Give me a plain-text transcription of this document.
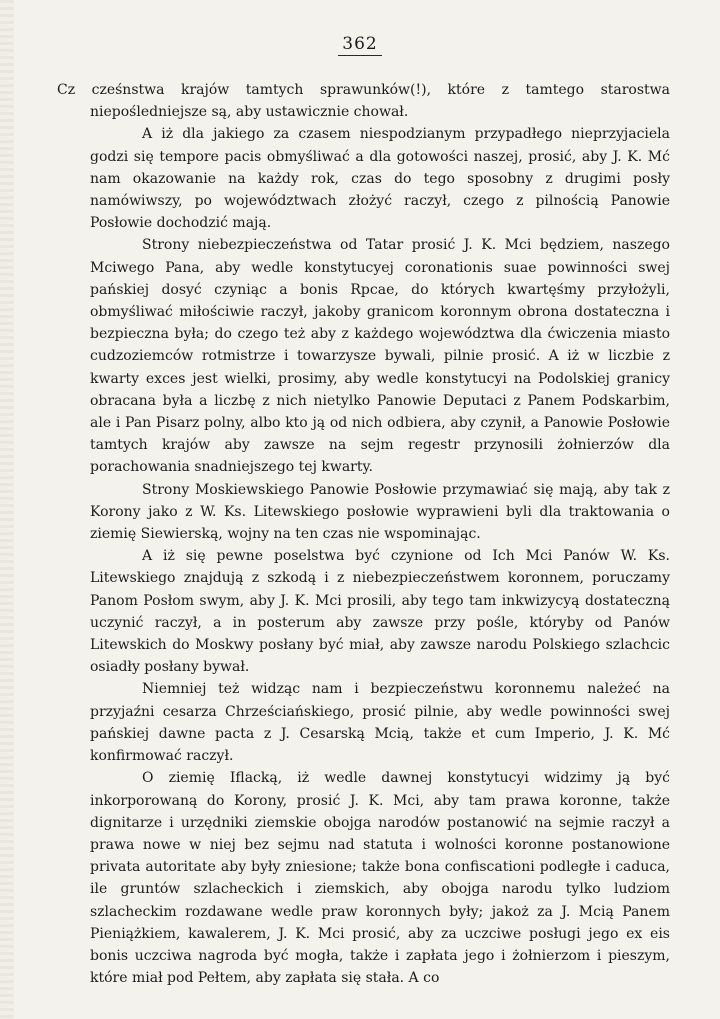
362

Cz cześnstwa krajów tamtych sprawunków(!), które z tamtego starostwa niepośledniejsze są, aby ustawicznie chował.

A iż dla jakiego za czasem niespodzianym przypadłego nieprzyjaciela godzi się tempore pacis obmyśliwać a dla gotowości naszej, prosić, aby J. K. Mć nam okazowanie na każdy rok, czas do tego sposobny z drugimi posły namówiwszy, po województwach złożyć raczył, czego z pilnością Panowie Posłowie dochodzić mają.

Strony niebezpieczeństwa od Tatar prosić J. K. Mci będziem, naszego Mciwego Pana, aby wedle konstytucyej coronationis suae powinności swej pańskiej dosyć czyniąc a bonis Rpcae, do których kwartęśmy przyłożyli, obmyśliwać miłościwie raczył, jakoby granicom koronnym obrona dostateczna i bezpieczna była; do czego też aby z każdego województwa dla ćwiczenia miasto cudzoziemców rotmistrze i towarzysze bywali, pilnie prosić. A iż w liczbie z kwarty exces jest wielki, prosimy, aby wedle konstytucyi na Podolskiej granicy obracana była a liczbę z nich nietylko Panowie Deputaci z Panem Podskarbim, ale i Pan Pisarz polny, albo kto ją od nich odbiera, aby czynił, a Panowie Posłowie tamtych krajów aby zawsze na sejm regestr przynosili żołnierzów dla porachowania snadniejszego tej kwarty.

Strony Moskiewskiego Panowie Posłowie przymawiać się mają, aby tak z Korony jako z W. Ks. Litewskiego posłowie wyprawieni byli dla traktowania o ziemię Siewierską, wojny na ten czas nie wspominając.

A iż się pewne poselstwa być czynione od Ich Mci Panów W. Ks. Litewskiego znajdują z szkodą i z niebezpieczeństwem koronnem, poruczamy Panom Posłom swym, aby J. K. Mci prosili, aby tego tam inkwizycyą dostateczną uczynić raczył, a in posterum aby zawsze przy pośle, któryby od Panów Litewskich do Moskwy posłany być miał, aby zawsze narodu Polskiego szlachcic osiadły posłany bywał.

Niemniej też widząc nam i bezpieczeństwu koronnemu należeć na przyjaźni cesarza Chrześciańskiego, prosić pilnie, aby wedle powinności swej pańskiej dawne pacta z J. Cesarską Mcią, także et cum Imperio, J. K. Mć konfirmować raczył.

O ziemię Iflacką, iż wedle dawnej konstytucyi widzimy ją być inkorporowaną do Korony, prosić J. K. Mci, aby tam prawa koronne, także dignitarze i urzędniki ziemskie obojga narodów postanowić na sejmie raczył a prawa nowe w niej bez sejmu nad statuta i wolności koronne postanowione privata autoritate aby były zniesione; także bona confiscationi podległe i caduca, ile gruntów szlacheckich i ziemskich, aby obojga narodu tylko ludziom szlacheckim rozdawane wedle praw koronnych były; jakoż za J. Mcią Panem Pieniążkiem, kawalerem, J. K. Mci prosić, aby za uczciwe posługi jego ex eis bonis uczciwa nagroda być mogła, także i zapłata jego i żołnierzom i pieszym, które miał pod Pełtem, aby zapłata się stała. A co
